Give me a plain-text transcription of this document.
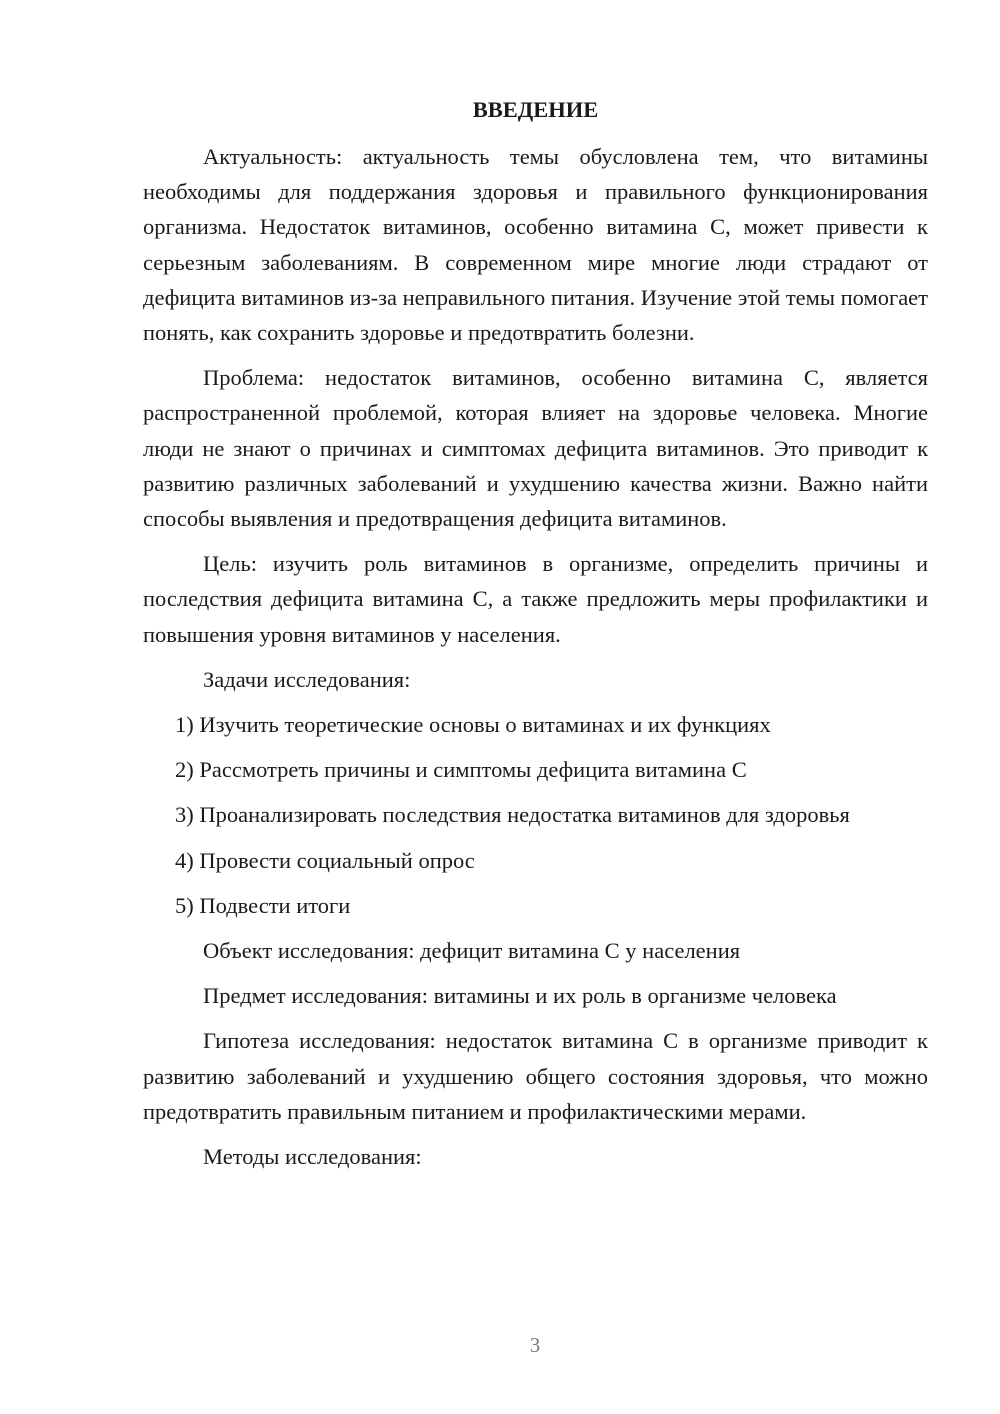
ВВЕДЕНИЕ

Актуальность: актуальность темы обусловлена тем, что витамины необходимы для поддержания здоровья и правильного функционирования организма. Недостаток витаминов, особенно витамина С, может привести к серьезным заболеваниям. В современном мире многие люди страдают от дефицита витаминов из-за неправильного питания. Изучение этой темы помогает понять, как сохранить здоровье и предотвратить болезни.

Проблема: недостаток витаминов, особенно витамина С, является распространенной проблемой, которая влияет на здоровье человека. Многие люди не знают о причинах и симптомах дефицита витаминов. Это приводит к развитию различных заболеваний и ухудшению качества жизни. Важно найти способы выявления и предотвращения дефицита витаминов.

Цель: изучить роль витаминов в организме, определить причины и последствия дефицита витамина С, а также предложить меры профилактики и повышения уровня витаминов у населения.

Задачи исследования:

1) Изучить теоретические основы о витаминах и их функциях

2) Рассмотреть причины и симптомы дефицита витамина С

3) Проанализировать последствия недостатка витаминов для здоровья

4) Провести социальный опрос

5) Подвести итоги

Объект исследования: дефицит витамина С у населения

Предмет исследования: витамины и их роль в организме человека

Гипотеза исследования: недостаток витамина С в организме приводит к развитию заболеваний и ухудшению общего состояния здоровья, что можно предотвратить правильным питанием и профилактическими мерами.

Методы исследования:

3
